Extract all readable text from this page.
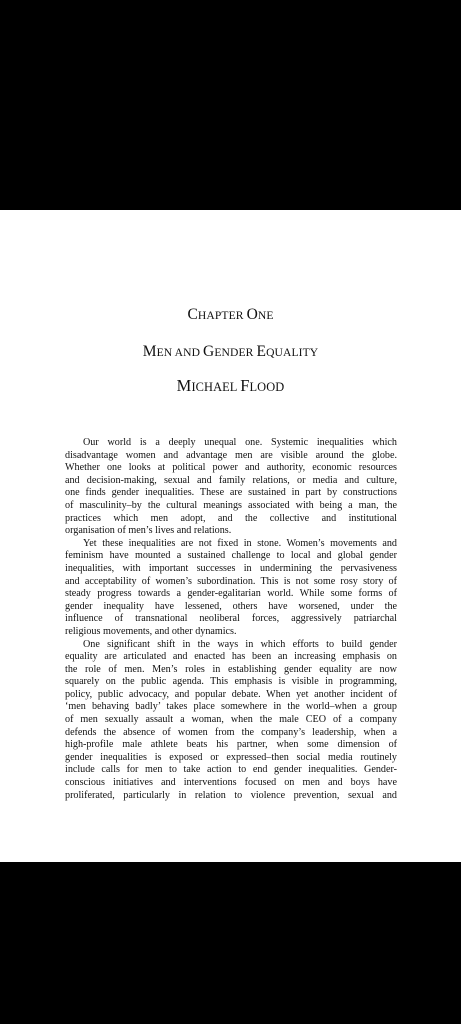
CHAPTER ONE
MEN AND GENDER EQUALITY
MICHAEL FLOOD
Our world is a deeply unequal one. Systemic inequalities which
disadvantage women and advantage men are visible around the globe.
Whether one looks at political power and authority, economic resources
and decision-making, sexual and family relations, or media and culture,
one finds gender inequalities. These are sustained in part by constructions
of masculinity–by the cultural meanings associated with being a man, the
practices which men adopt, and the collective and institutional
organisation of men’s lives and relations.
Yet these inequalities are not fixed in stone. Women’s movements and
feminism have mounted a sustained challenge to local and global gender
inequalities, with important successes in undermining the pervasiveness
and acceptability of women’s subordination. This is not some rosy story of
steady progress towards a gender-egalitarian world. While some forms of
gender inequality have lessened, others have worsened, under the
influence of transnational neoliberal forces, aggressively patriarchal
religious movements, and other dynamics.
One significant shift in the ways in which efforts to build gender
equality are articulated and enacted has been an increasing emphasis on
the role of men. Men’s roles in establishing gender equality are now
squarely on the public agenda. This emphasis is visible in programming,
policy, public advocacy, and popular debate. When yet another incident of
‘men behaving badly’ takes place somewhere in the world–when a group
of men sexually assault a woman, when the male CEO of a company
defends the absence of women from the company’s leadership, when a
high-profile male athlete beats his partner, when some dimension of
gender inequalities is exposed or expressed–then social media routinely
include calls for men to take action to end gender inequalities. Gender-
conscious initiatives and interventions focused on men and boys have
proliferated, particularly in relation to violence prevention, sexual and
